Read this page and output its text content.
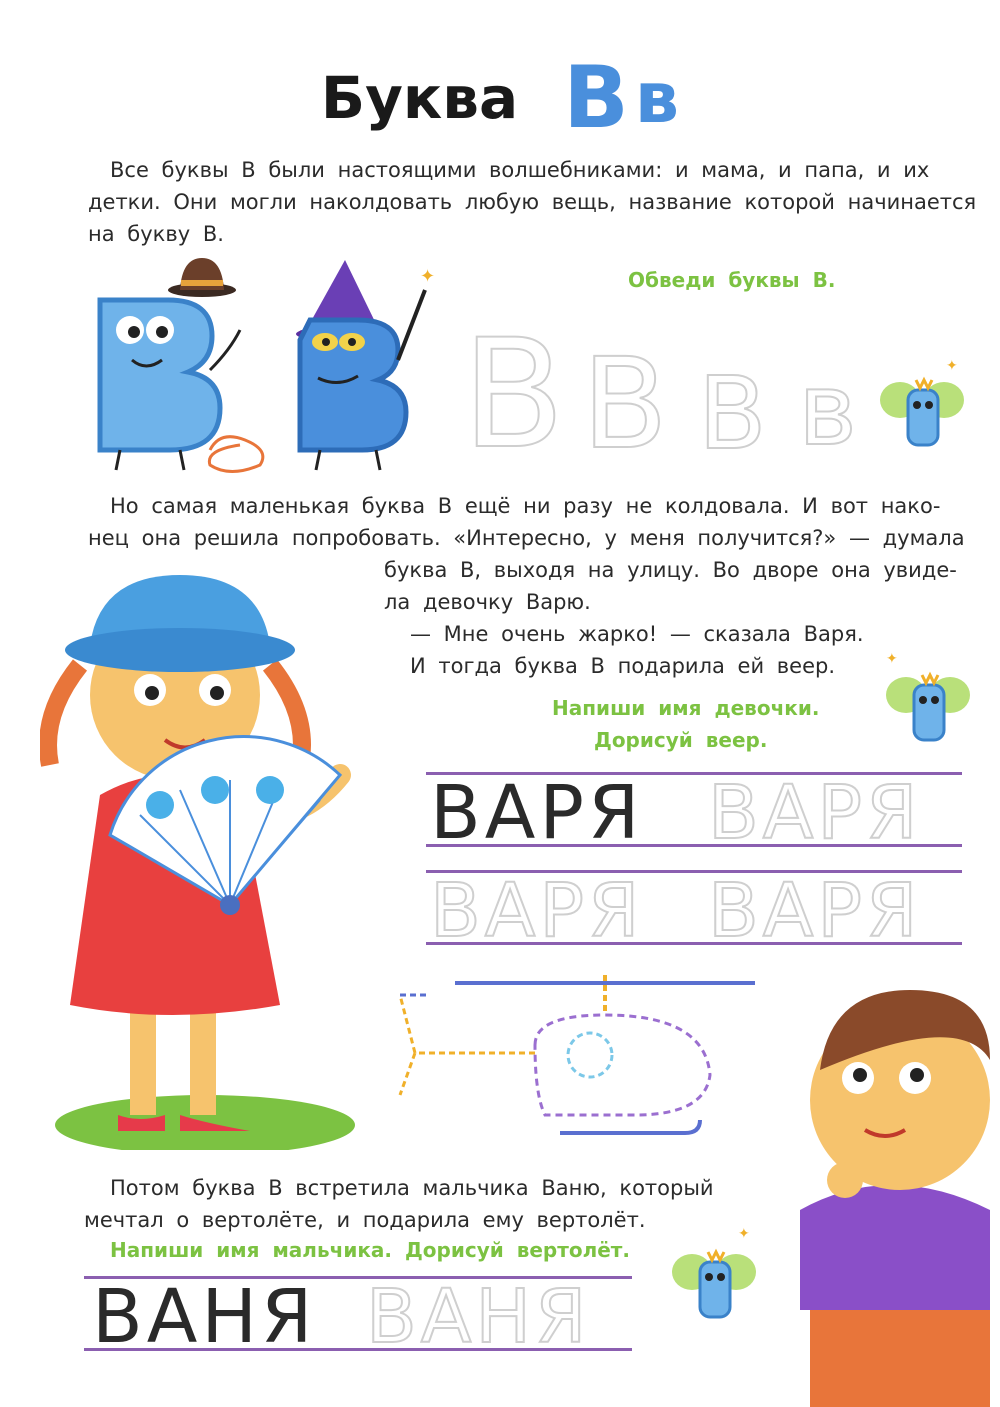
Буква Вв
Все буквы В были настоящими волшебниками: и мама, и папа, и их
детки. Они могли наколдовать любую вещь, название которой начинается
на букву В.
✦	Обведи буквы В.
В В В в	✦
Но самая маленькая буква В ещё ни разу не колдовала. И вот нако-
нец она решила попробовать. «Интересно, у меня получится?» — думала
буква В, выходя на улицу. Во дворе она увиде-
ла девочку Варю.
— Мне очень жарко! — сказала Варя.
И тогда буква В подарила ей веер.
Напиши имя девочки.
Дорисуй веер.
✦
ВАРЯ ВАРЯ
ВАРЯ ВАРЯ
Потом буква В встретила мальчика Ваню, который
мечтал о вертолёте, и подарила ему вертолёт.
Напиши имя мальчика. Дорисуй вертолёт.
✦
ВАНЯ ВАНЯ
